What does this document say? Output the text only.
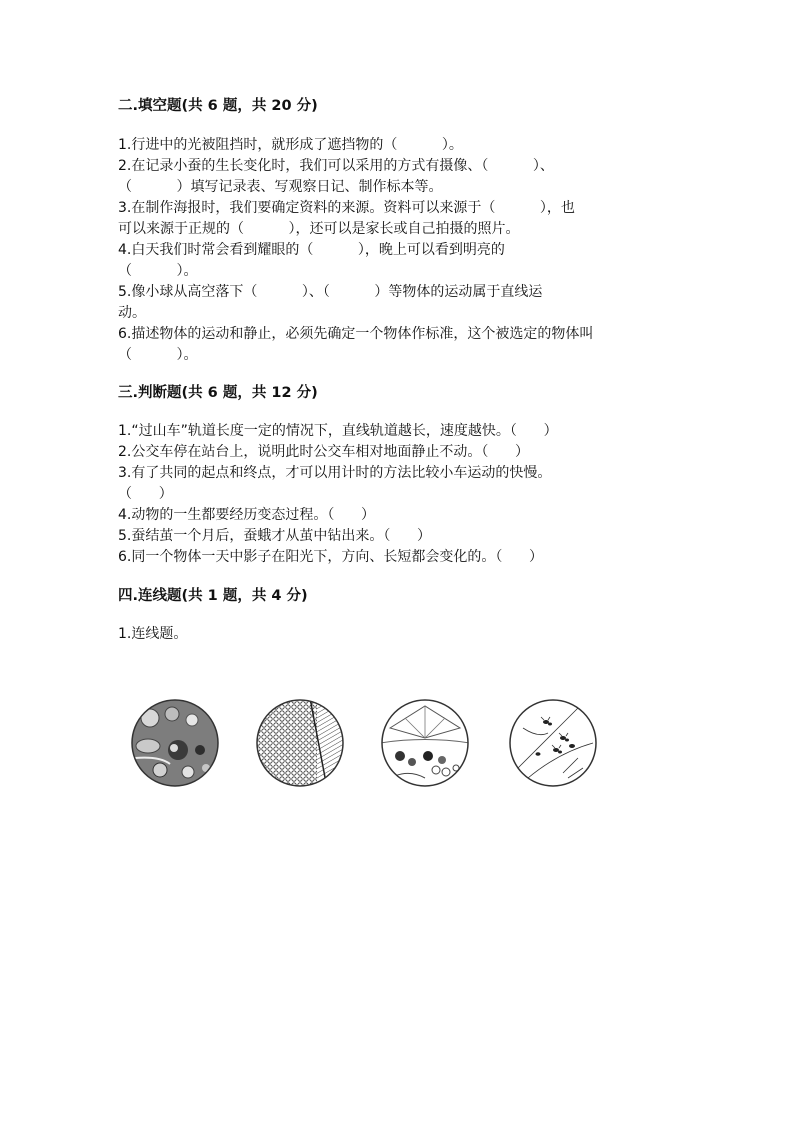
二.填空题(共 6 题，共 20 分)

1.行进中的光被阻挡时，就形成了遮挡物的（          ）。

2.在记录小蚕的生长变化时，我们可以采用的方式有摄像、（          ）、

（          ）填写记录表、写观察日记、制作标本等。

3.在制作海报时，我们要确定资料的来源。资料可以来源于（          ），也

可以来源于正规的（          ），还可以是家长或自己拍摄的照片。

4.白天我们时常会看到耀眼的（          ），晚上可以看到明亮的

（          ）。

5.像小球从高空落下（          ）、（          ）等物体的运动属于直线运

动。

6.描述物体的运动和静止，必须先确定一个物体作标准，这个被选定的物体叫

（          ）。

三.判断题(共 6 题，共 12 分)

1.“过山车”轨道长度一定的情况下，直线轨道越长，速度越快。（      ）

2.公交车停在站台上，说明此时公交车相对地面静止不动。（      ）

3.有了共同的起点和终点，才可以用计时的方法比较小车运动的快慢。

（      ）

4.动物的一生都要经历变态过程。（      ）

5.蚕结茧一个月后，蚕蛾才从茧中钻出来。（      ）

6.同一个物体一天中影子在阳光下，方向、长短都会变化的。（      ）

四.连线题(共 1 题，共 4 分)

1.连线题。
